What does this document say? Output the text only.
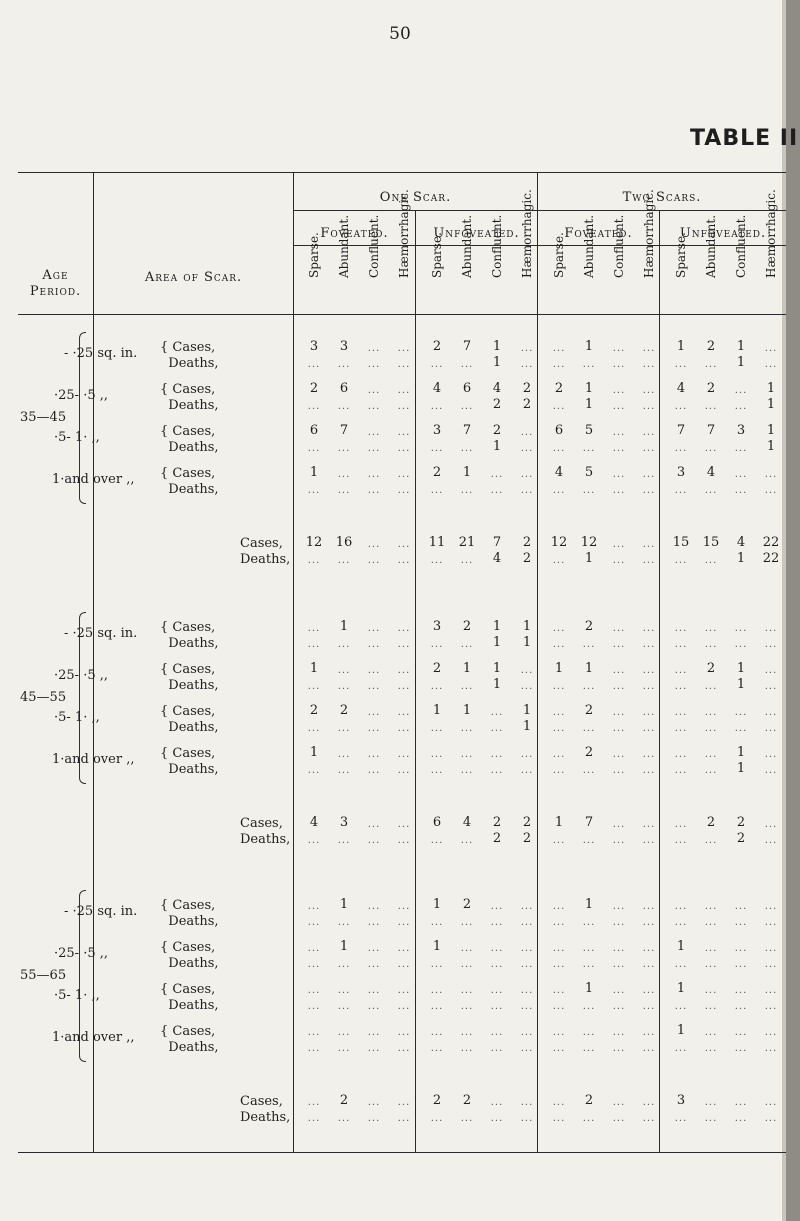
50
TABLE II
Age Period.
Area of Scar.
One Scar.	Two Scars.
Foveated.	Unfoveated.	Foveated.	Unfoveated.
Sparse. Abundant. Confluent. Hæmorrhagic. Sparse. Abundant. Confluent. Hæmorrhagic. Sparse. Abundant. Confluent. Hæmorrhagic. Sparse. Abundant. Confluent. Hæmorrhagic.
35—45
- ·25 sq. in. { Cases,
Deaths,
3	3	...	...	2	7	1	...	...	1	...	...	1	2	1	...
...	...	...	...	...	...	1	...	...	...	...	...	...	...	1	...
·25- ·5 ,,	{ Cases,
Deaths,
2	6	...	...	4	6	4	2	2	1	...	...	4	2	...	1
...	...	...	...	...	...	2	2	...	1	...	...	...	...	...	1
·5- 1· ,,	{ Cases,
Deaths,
6	7	...	...	3	7	2	...	6	5	...	...	7	7	3	1
...	...	...	...	...	...	1	...	...	...	...	...	...	...	...	1
1·and over ,, { Cases,
Deaths,
1	...	...	...	2	1	...	...	4	5	...	...	3	4	...	...
...	...	...	...	...	...	...	...	...	...	...	...	...	...	...	...
Cases,
Deaths,
12	16	...	...	11	21	7	2	12	12	...	...	15	15	4	22
...	...	...	...	...	...	4	2	...	1	...	...	...	...	1	22
45—55
- ·25 sq. in. { Cases,
Deaths,
...	1	...	...	3	2	1	1	...	2	...	...	...	...	...	...
...	...	...	...	...	...	1	1	...	...	...	...	...	...	...	...
·25- ·5 ,,	{ Cases,
Deaths,
1	...	...	...	2	1	1	...	1	1	...	...	...	2	1	...
...	...	...	...	...	...	1	...	...	...	...	...	...	...	1	...
·5- 1· ,,	{ Cases,
Deaths,
2	2	...	...	1	1	...	1	...	2	...	...	...	...	...	...
...	...	...	...	...	...	...	1	...	...	...	...	...	...	...	...
1·and over ,, { Cases,
Deaths,
1	...	...	...	...	...	...	...	...	2	...	...	...	...	1	...
...	...	...	...	...	...	...	...	...	...	...	...	...	...	1	...
Cases,
Deaths,
4	3	...	...	6	4	2	2	1	7	...	...	...	2	2	...
...	...	...	...	...	...	2	2	...	...	...	...	...	...	2	...
55—65
- ·25 sq. in. { Cases,
Deaths,
...	1	...	...	1	2	...	...	...	1	...	...	...	...	...	...
...	...	...	...	...	...	...	...	...	...	...	...	...	...	...	...
·25- ·5 ,,	{ Cases,
Deaths,
...	1	...	...	1	...	...	...	...	...	...	...	1	...	...	...
...	...	...	...	...	...	...	...	...	...	...	...	...	...	...	...
·5- 1· ,,	{ Cases,
Deaths,
...	...	...	...	...	...	...	...	...	1	...	...	1	...	...	...
...	...	...	...	...	...	...	...	...	...	...	...	...	...	...	...
1·and over ,, { Cases,
Deaths,
...	...	...	...	...	...	...	...	...	...	...	...	1	...	...	...
...	...	...	...	...	...	...	...	...	...	...	...	...	...	...	...
Cases,
Deaths,
...	2	...	...	2	2	...	...	...	2	...	...	3	...	...	...
...	...	...	...	...	...	...	...	...	...	...	...	...	...	...	...
